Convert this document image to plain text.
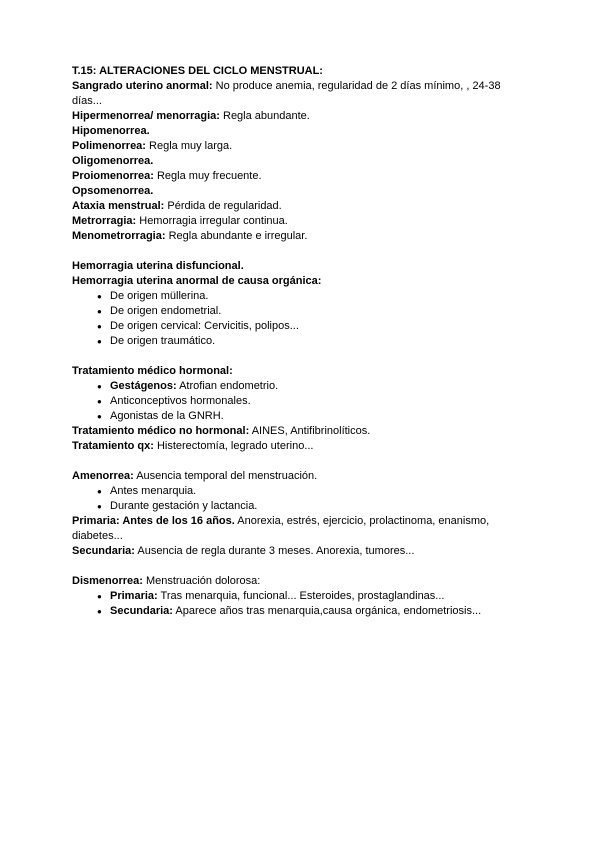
T.15: ALTERACIONES DEL CICLO MENSTRUAL:
Sangrado uterino anormal: No produce anemia, regularidad de 2 días mínimo, , 24-38 días...
Hipermenorrea/ menorragia: Regla abundante.
Hipomenorrea.
Polimenorrea: Regla muy larga.
Oligomenorrea.
Proiomenorrea: Regla muy frecuente.
Opsomenorrea.
Ataxia menstrual: Pérdida de regularidad.
Metrorragia: Hemorragia irregular continua.
Menometrorragia: Regla abundante e irregular.
Hemorragia uterina disfuncional.
Hemorragia uterina anormal de causa orgánica:
● De origen müllerina.
● De origen endometrial.
● De origen cervical: Cervicitis, polipos...
● De origen traumático.
Tratamiento médico hormonal:
● Gestágenos: Atrofian endometrio.
● Anticonceptivos hormonales.
● Agonistas de la GNRH.
Tratamiento médico no hormonal: AINES, Antifibrinolíticos.
Tratamiento qx: Histerectomía, legrado uterino...
Amenorrea: Ausencia temporal del menstruación.
● Antes menarquia.
● Durante gestación y lactancia.
Primaria: Antes de los 16 años. Anorexia, estrés, ejercicio, prolactinoma, enanismo, diabetes...
Secundaria: Ausencia de regla durante 3 meses. Anorexia, tumores...
Dismenorrea: Menstruación dolorosa:
● Primaria: Tras menarquia, funcional... Esteroides, prostaglandinas...
● Secundaria: Aparece años tras menarquia,causa orgánica, endometriosis...
